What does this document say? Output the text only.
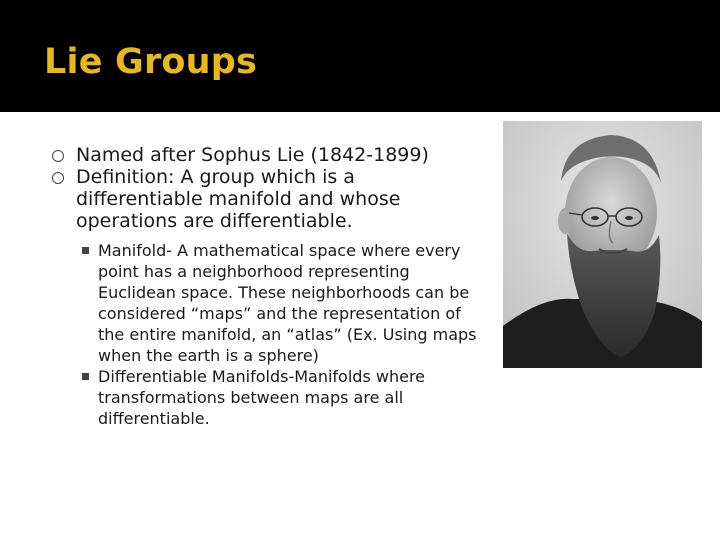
Lie Groups

Named after Sophus Lie (1842-1899)

Definition: A group which is a differentiable manifold and whose operations are differentiable.

Manifold- A mathematical space where every point has a neighborhood representing Euclidean space. These neighborhoods can be considered “maps” and the representation of the entire manifold, an “atlas” (Ex. Using maps when the earth is a sphere)

Differentiable Manifolds-Manifolds where transformations between maps are all differentiable.
